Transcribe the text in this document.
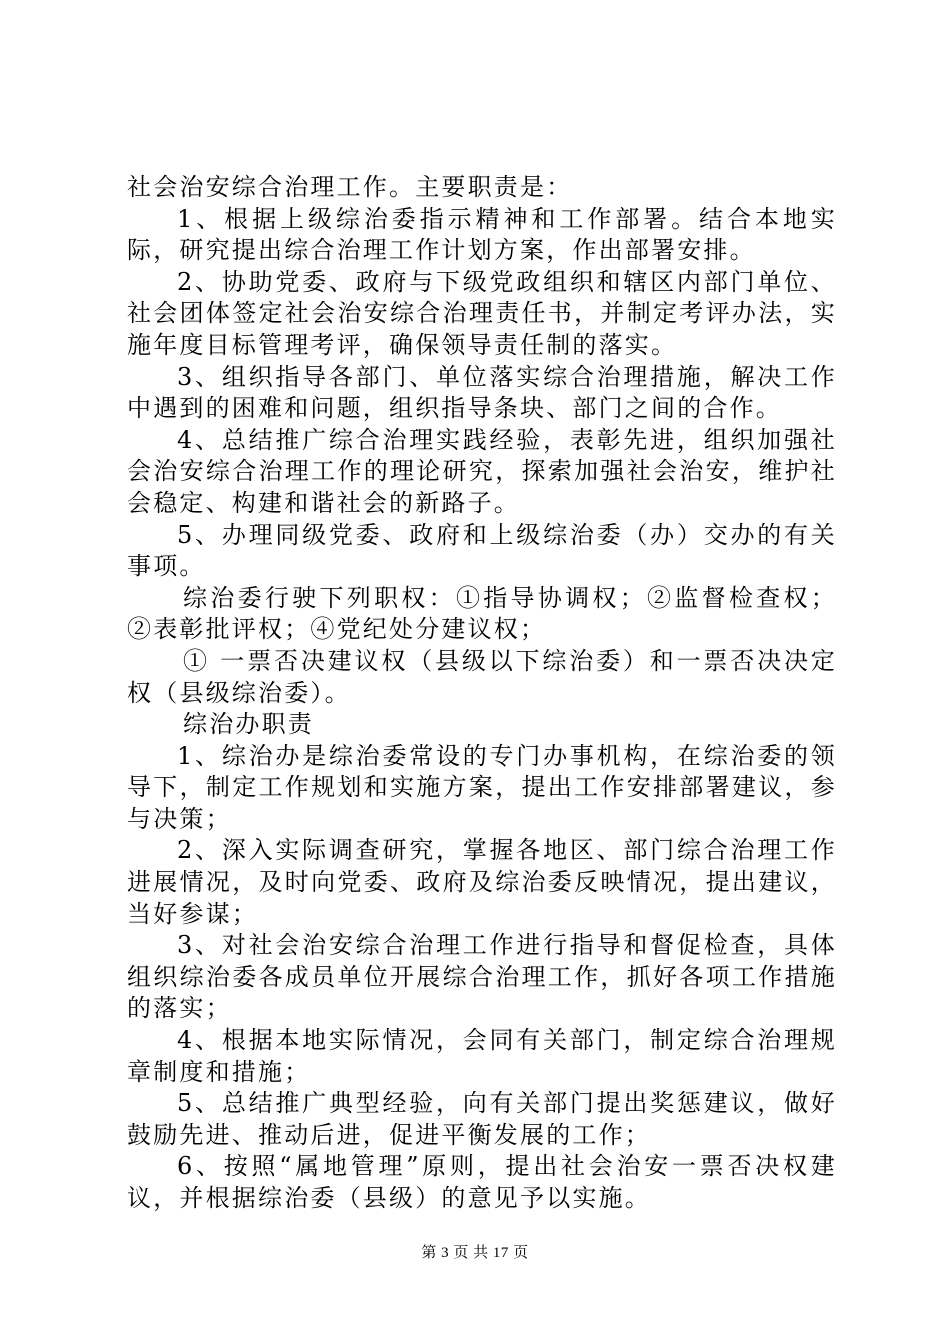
社会治安综合治理工作。主要职责是：

1、根据上级综治委指示精神和工作部署。结合本地实际，研究提出综合治理工作计划方案，作出部署安排。

2、协助党委、政府与下级党政组织和辖区内部门单位、社会团体签定社会治安综合治理责任书，并制定考评办法，实施年度目标管理考评，确保领导责任制的落实。

3、组织指导各部门、单位落实综合治理措施，解决工作中遇到的困难和问题，组织指导条块、部门之间的合作。

4、总结推广综合治理实践经验，表彰先进，组织加强社会治安综合治理工作的理论研究，探索加强社会治安，维护社会稳定、构建和谐社会的新路子。

5、办理同级党委、政府和上级综治委（办）交办的有关事项。

综治委行驶下列职权：①指导协调权；②监督检查权；②表彰批评权；④党纪处分建议权；

① 一票否决建议权（县级以下综治委）和一票否决决定权（县级综治委）。

综治办职责

1、综治办是综治委常设的专门办事机构，在综治委的领导下，制定工作规划和实施方案，提出工作安排部署建议，参与决策；

2、深入实际调查研究，掌握各地区、部门综合治理工作进展情况，及时向党委、政府及综治委反映情况，提出建议，当好参谋；

3、对社会治安综合治理工作进行指导和督促检查，具体组织综治委各成员单位开展综合治理工作，抓好各项工作措施的落实；

4、根据本地实际情况，会同有关部门，制定综合治理规章制度和措施；

5、总结推广典型经验，向有关部门提出奖惩建议，做好鼓励先进、推动后进，促进平衡发展的工作；

6、按照“属地管理”原则，提出社会治安一票否决权建议，并根据综治委（县级）的意见予以实施。

第 3 页 共 17 页
